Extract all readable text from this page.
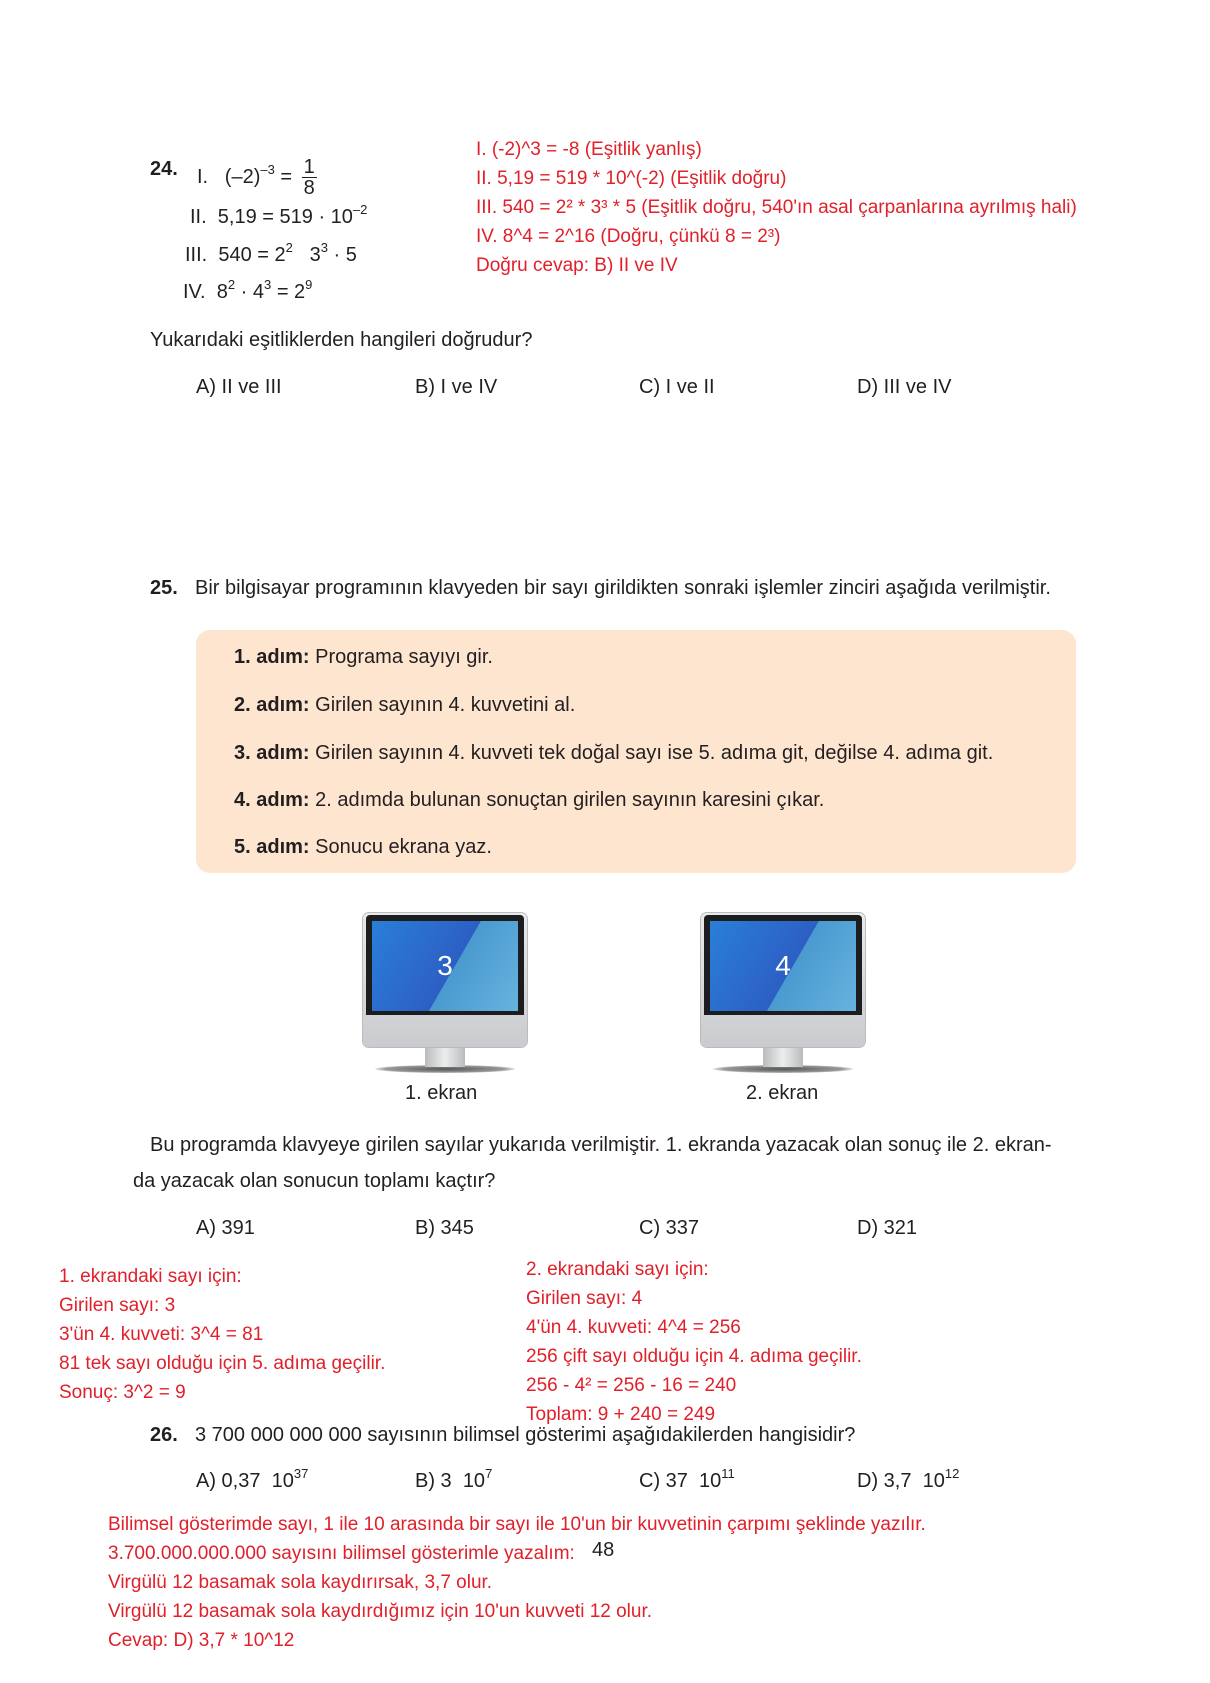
24. I. $(-2)^{-3} = \frac{1}{8}$
II. $5,19 = 519 \cdot 10^{-2}$
III. $540 = 2^2$ $3^3 \cdot 5$
IV. $8^2 \cdot 4^3 = 2^9$
I. (-2)^3 = -8 (Eşitlik yanlış)
II. 5,19 = 519 * 10^(-2) (Eşitlik doğru)
III. 540 = 2² * 3³ * 5 (Eşitlik doğru, 540'ın asal çarpanlarına ayrılmış hali)
IV. 8^4 = 2^16 (Doğru, çünkü 8 = 2³)
Doğru cevap: B) II ve IV
Yukarıdaki eşitliklerden hangileri doğrudur?
A) II ve III	B) I ve IV	C) I ve II	D) III ve IV
25. Bir bilgisayar programının klavyeden bir sayı girildikten sonraki işlemler zinciri aşağıda verilmiştir.
1. adım: Programa sayıyı gir.
2. adım: Girilen sayının 4. kuvvetini al.
3. adım: Girilen sayının 4. kuvveti tek doğal sayı ise 5. adıma git, değilse 4. adıma git.
4. adım: 2. adımda bulunan sonuçtan girilen sayının karesini çıkar.
5. adım: Sonucu ekrana yaz.
3	4
1. ekran	2. ekran
Bu programda klavyeye girilen sayılar yukarıda verilmiştir. 1. ekranda yazacak olan sonuç ile 2. ekran-
da yazacak olan sonucun toplamı kaçtır?
A) 391	B) 345	C) 337	D) 321
1. ekrandaki sayı için:
Girilen sayı: 3
3'ün 4. kuvveti: 3^4 = 81
81 tek sayı olduğu için 5. adıma geçilir.
Sonuç: 3^2 = 9
2. ekrandaki sayı için:
Girilen sayı: 4
4'ün 4. kuvveti: 4^4 = 256
256 çift sayı olduğu için 4. adıma geçilir.
256 - 4² = 256 - 16 = 240
Toplam: 9 + 240 = 249
26. 3 700 000 000 000 sayısının bilimsel gösterimi aşağıdakilerden hangisidir?
A) 0,37 $10^{37}$	B) 3 $10^7$	C) 37 $10^{11}$	D) 3,7 $10^{12}$
48
Bilimsel gösterimde sayı, 1 ile 10 arasında bir sayı ile 10'un bir kuvvetinin çarpımı şeklinde yazılır.
3.700.000.000.000 sayısını bilimsel gösterimle yazalım:
Virgülü 12 basamak sola kaydırırsak, 3,7 olur.
Virgülü 12 basamak sola kaydırdığımız için 10'un kuvveti 12 olur.
Cevap: D) 3,7 * 10^12
